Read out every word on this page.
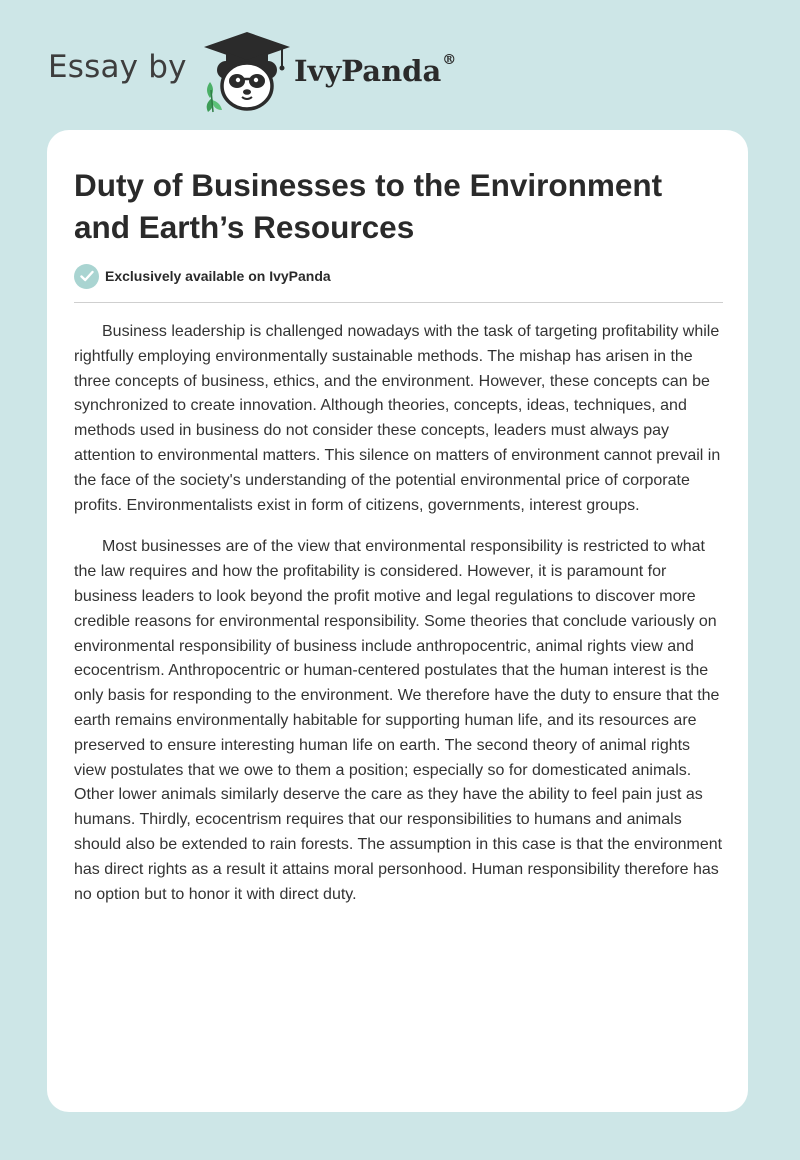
Essay by	IvyPanda®
Duty of Businesses to the Environment and Earth’s Resources
Exclusively available on IvyPanda

Business leadership is challenged nowadays with the task of targeting profitability while rightfully employing environmentally sustainable methods. The mishap has arisen in the three concepts of business, ethics, and the environment. However, these concepts can be synchronized to create innovation. Although theories, concepts, ideas, techniques, and methods used in business do not consider these concepts, leaders must always pay attention to environmental matters. This silence on matters of environment cannot prevail in the face of the society's understanding of the potential environmental price of corporate profits. Environmentalists exist in form of citizens, governments, interest groups.

Most businesses are of the view that environmental responsibility is restricted to what the law requires and how the profitability is considered. However, it is paramount for business leaders to look beyond the profit motive and legal regulations to discover more credible reasons for environmental responsibility. Some theories that conclude variously on environmental responsibility of business include anthropocentric, animal rights view and ecocentrism. Anthropocentric or human-centered postulates that the human interest is the only basis for responding to the environment. We therefore have the duty to ensure that the earth remains environmentally habitable for supporting human life, and its resources are preserved to ensure interesting human life on earth. The second theory of animal rights view postulates that we owe to them a position; especially so for domesticated animals. Other lower animals similarly deserve the care as they have the ability to feel pain just as humans. Thirdly, ecocentrism requires that our responsibilities to humans and animals should also be extended to rain forests. The assumption in this case is that the environment has direct rights as a result it attains moral personhood. Human responsibility therefore has no option but to honor it with direct duty.
